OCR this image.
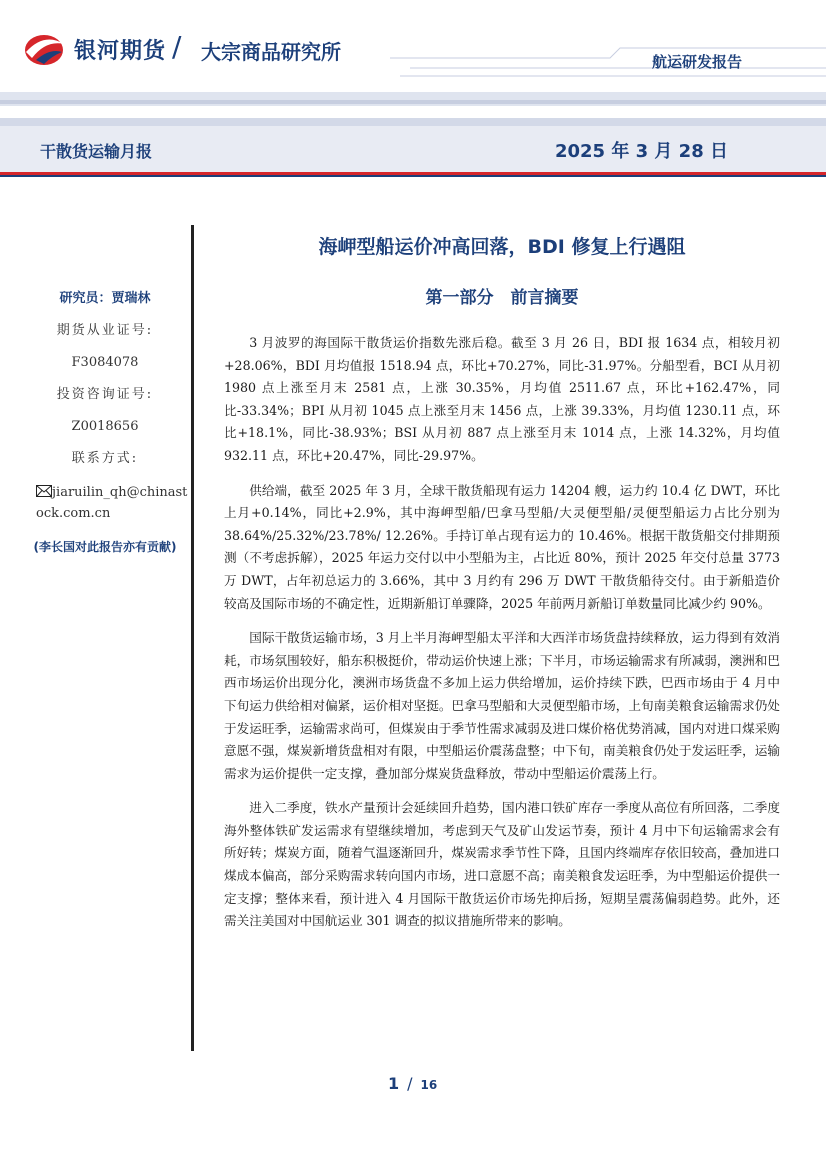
银河期货 / 大宗商品研究所	航运研发报告
干散货运输月报	2025 年 3 月 28 日
研究员：贾瑞林
期货从业证号:
F3084078
投资咨询证号:
Z0018656
联系方式:
jiaruilin_qh@chinastock.com.cn
(李长国对此报告亦有贡献)
海岬型船运价冲高回落，BDI 修复上行遇阻
第一部分　前言摘要

3 月波罗的海国际干散货运价指数先涨后稳。截至 3 月 26 日，BDI 报 1634 点，相较月初+28.06%，BDI 月均值报 1518.94 点，环比+70.27%，同比-31.97%。分船型看，BCI 从月初 1980 点上涨至月末 2581 点，上涨 30.35%，月均值 2511.67 点，环比+162.47%，同比-33.34%；BPI 从月初 1045 点上涨至月末 1456 点，上涨 39.33%，月均值 1230.11 点，环比+18.1%，同比-38.93%；BSI 从月初 887 点上涨至月末 1014 点，上涨 14.32%，月均值 932.11 点，环比+20.47%，同比-29.97%。

供给端，截至 2025 年 3 月，全球干散货船现有运力 14204 艘，运力约 10.4 亿 DWT，环比上月+0.14%，同比+2.9%，其中海岬型船/巴拿马型船/大灵便型船/灵便型船运力占比分别为 38.64%/25.32%/23.78%/ 12.26%。手持订单占现有运力的 10.46%。根据干散货船交付排期预测（不考虑拆解），2025 年运力交付以中小型船为主，占比近 80%，预计 2025 年交付总量 3773 万 DWT，占年初总运力的 3.66%，其中 3 月约有 296 万 DWT 干散货船待交付。由于新船造价较高及国际市场的不确定性，近期新船订单骤降，2025 年前两月新船订单数量同比减少约 90%。

国际干散货运输市场，3 月上半月海岬型船太平洋和大西洋市场货盘持续释放，运力得到有效消耗，市场氛围较好，船东积极挺价，带动运价快速上涨；下半月，市场运输需求有所减弱，澳洲和巴西市场运价出现分化，澳洲市场货盘不多加上运力供给增加，运价持续下跌，巴西市场由于 4 月中下旬运力供给相对偏紧，运价相对坚挺。巴拿马型船和大灵便型船市场，上旬南美粮食运输需求仍处于发运旺季，运输需求尚可，但煤炭由于季节性需求减弱及进口煤价格优势消减，国内对进口煤采购意愿不强，煤炭新增货盘相对有限，中型船运价震荡盘整；中下旬，南美粮食仍处于发运旺季，运输需求为运价提供一定支撑，叠加部分煤炭货盘释放，带动中型船运价震荡上行。

进入二季度，铁水产量预计会延续回升趋势，国内港口铁矿库存一季度从高位有所回落，二季度海外整体铁矿发运需求有望继续增加，考虑到天气及矿山发运节奏，预计 4 月中下旬运输需求会有所好转；煤炭方面，随着气温逐渐回升，煤炭需求季节性下降，且国内终端库存依旧较高，叠加进口煤成本偏高，部分采购需求转向国内市场，进口意愿不高；南美粮食发运旺季，为中型船运价提供一定支撑；整体来看，预计进入 4 月国际干散货运价市场先抑后扬，短期呈震荡偏弱趋势。此外，还需关注美国对中国航运业 301 调查的拟议措施所带来的影响。

1 / 16
